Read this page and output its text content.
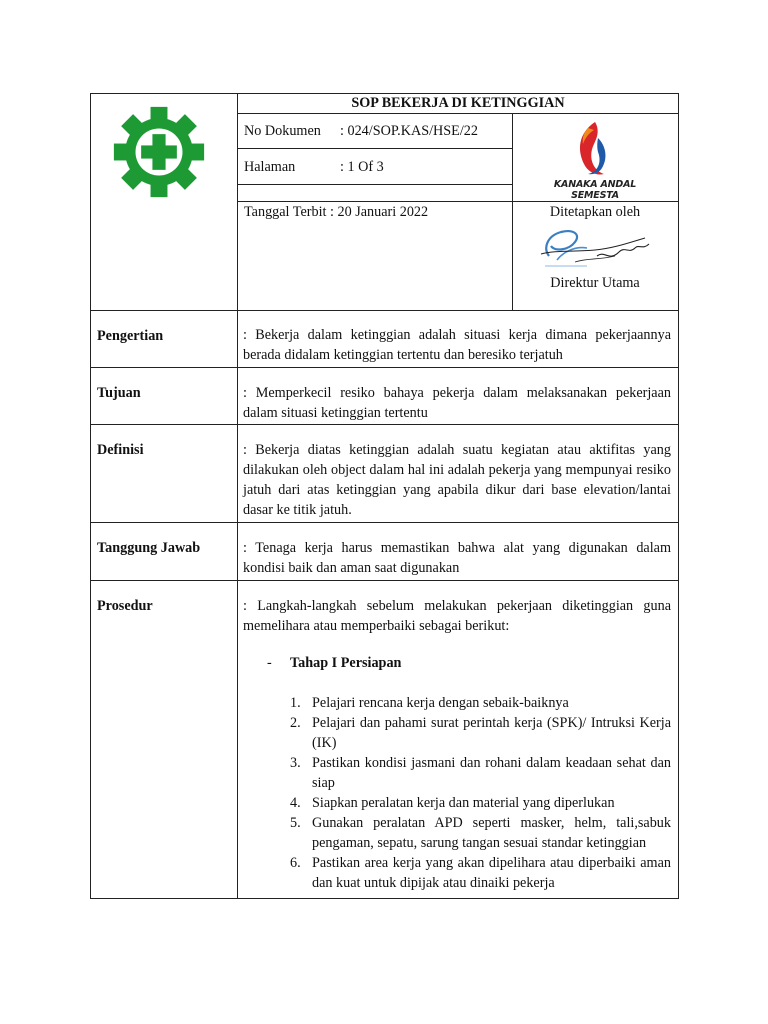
SOP BEKERJA DI KETINGGIAN
No Dokumen : 024/SOP.KAS/HSE/22
Halaman	: 1 Of 3
Tanggal Terbit : 20 Januari 2022
KANAKA ANDAL SEMESTA
Ditetapkan oleh
Direktur Utama
Pengertian	: Bekerja dalam ketinggian adalah situasi kerja dimana pekerjaannya berada didalam ketinggian tertentu dan beresiko terjatuh
Tujuan	: Memperkecil resiko bahaya pekerja dalam melaksanakan pekerjaan dalam situasi ketinggian tertentu
Definisi	: Bekerja diatas ketinggian adalah suatu kegiatan atau aktifitas yang dilakukan oleh object dalam hal ini adalah pekerja yang mempunyai resiko jatuh dari atas ketinggian yang apabila dikur dari base elevation/lantai dasar ke titik jatuh.
Tanggung Jawab	: Tenaga kerja harus memastikan bahwa alat yang digunakan dalam kondisi baik dan aman saat digunakan
Prosedur	: Langkah-langkah sebelum melakukan pekerjaan diketinggian guna memelihara atau memperbaiki sebagai berikut:
- Tahap I Persiapan
1. Pelajari rencana kerja dengan sebaik-baiknya
2. Pelajari dan pahami surat perintah kerja (SPK)/ Intruksi Kerja (IK)
3. Pastikan kondisi jasmani dan rohani dalam keadaan sehat dan siap
4. Siapkan peralatan kerja dan material yang diperlukan
5. Gunakan peralatan APD seperti masker, helm, tali,sabuk pengaman, sepatu, sarung tangan sesuai standar ketinggian
6. Pastikan area kerja yang akan dipelihara atau diperbaiki aman dan kuat untuk dipijak atau dinaiki pekerja
